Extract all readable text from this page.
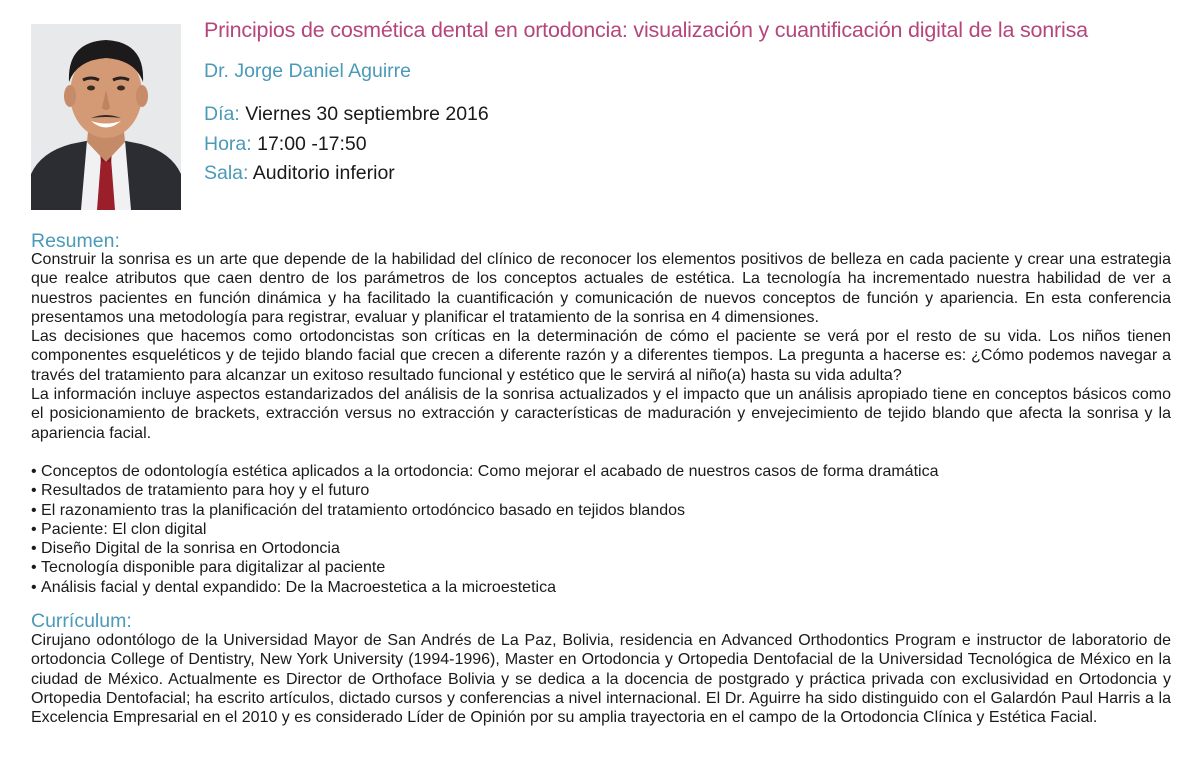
Principios de cosmética dental en ortodoncia: visualización y cuantificación digital de la sonrisa
Dr. Jorge Daniel Aguirre
Día: Viernes 30 septiembre 2016
Hora: 17:00 -17:50
Sala: Auditorio inferior
Resumen:
Construir la sonrisa es un arte que depende de la habilidad del clínico de reconocer los elementos positivos de belleza en cada paciente y crear una estrategia que realce atributos que caen dentro de los parámetros de los conceptos actuales de estética. La tecnología ha incrementado nuestra habilidad de ver a nuestros pacientes en función dinámica y ha facilitado la cuantificación y comunicación de nuevos conceptos de función y apariencia. En esta conferencia presentamos una metodología para registrar, evaluar y planificar el tratamiento de la sonrisa en 4 dimensiones.
Las decisiones que hacemos como ortodoncistas son críticas en la determinación de cómo el paciente se verá por el resto de su vida. Los niños tienen componentes esqueléticos y de tejido blando facial que crecen a diferente razón y a diferentes tiempos. La pregunta a hacerse es: ¿Cómo podemos navegar a través del tratamiento para alcanzar un exitoso resultado funcional y estético que le servirá al niño(a) hasta su vida adulta?
La información incluye aspectos estandarizados del análisis de la sonrisa actualizados y el impacto que un análisis apropiado tiene en conceptos básicos como el posicionamiento de brackets, extracción versus no extracción y características de maduración y envejecimiento de tejido blando que afecta la sonrisa y la apariencia facial.
• Conceptos de odontología estética aplicados a la ortodoncia: Como mejorar el acabado de nuestros casos de forma dramática
• Resultados de tratamiento para hoy y el futuro
• El razonamiento tras la planificación del tratamiento ortodóncico basado en tejidos blandos
• Paciente: El clon digital
• Diseño Digital de la sonrisa en Ortodoncia
• Tecnología disponible para digitalizar al paciente
• Análisis facial y dental expandido: De la Macroestetica a la microestetica
Currículum:
Cirujano odontólogo de la Universidad Mayor de San Andrés de La Paz, Bolivia, residencia en Advanced Orthodontics Program e instructor de laboratorio de ortodoncia College of Dentistry, New York University (1994-1996), Master en Ortodoncia y Ortopedia Dentofacial de la Universidad Tecnológica de México en la ciudad de México. Actualmente es Director de Orthoface Bolivia y se dedica a la docencia de postgrado y práctica privada con exclusividad en Ortodoncia y Ortopedia Dentofacial; ha escrito artículos, dictado cursos y conferencias a nivel internacional. El Dr. Aguirre ha sido distinguido con el Galardón Paul Harris a la Excelencia Empresarial en el 2010 y es considerado Líder de Opinión por su amplia trayectoria en el campo de la Ortodoncia Clínica y Estética Facial.
